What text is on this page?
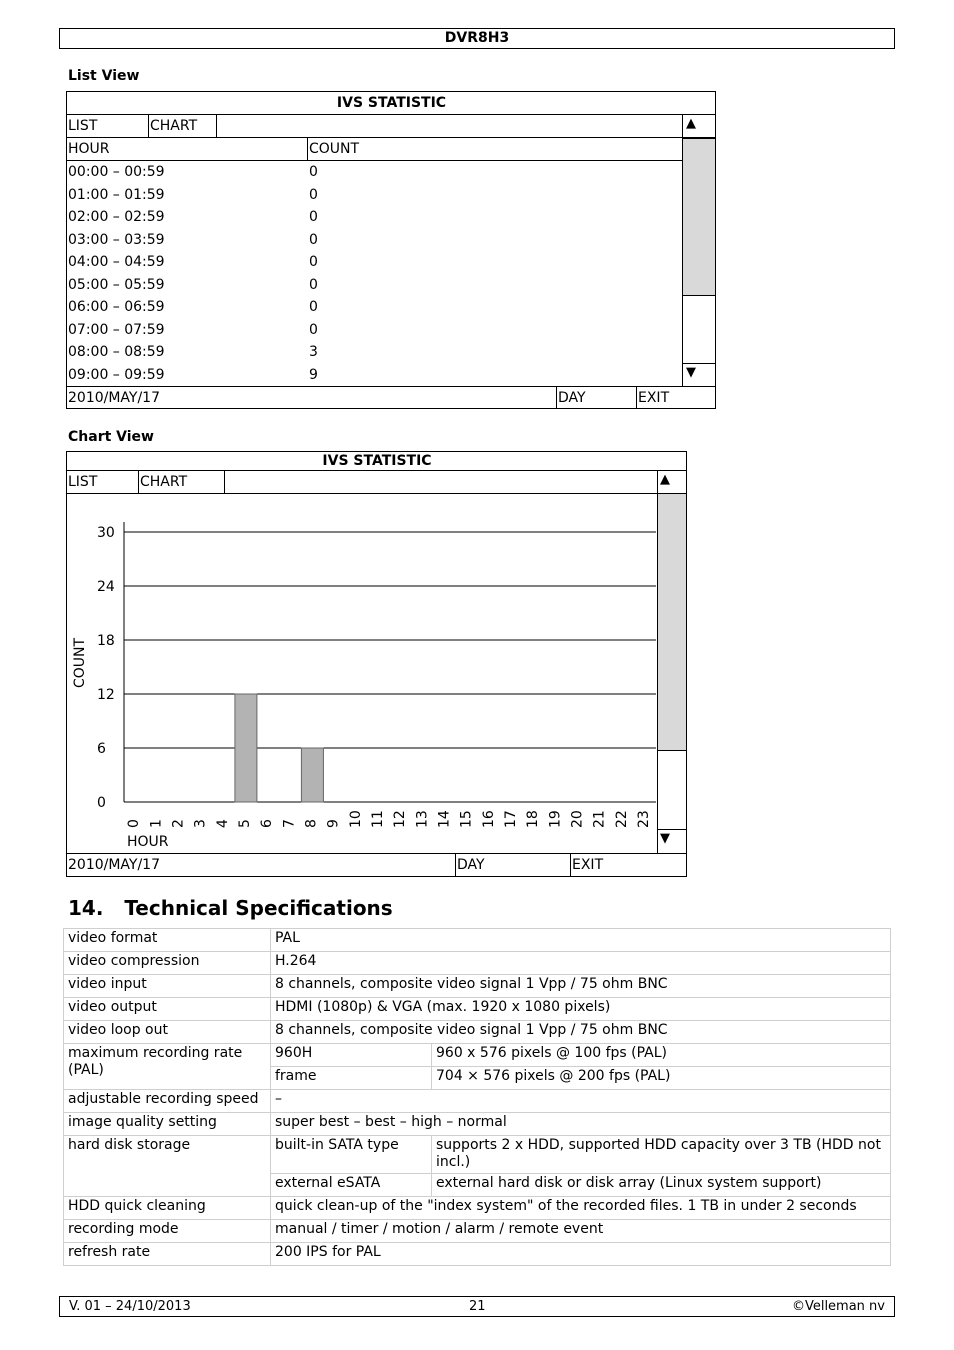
DVR8H3
List View
IVS STATISTIC
LIST	CHART
HOUR	COUNT
00:00 – 00:59	0
01:00 – 01:59	0
02:00 – 02:59	0
03:00 – 03:59	0
04:00 – 04:59	0
05:00 – 05:59	0
06:00 – 06:59	0
07:00 – 07:59	0
08:00 – 08:59	3
09:00 – 09:59	9
▲
▼
2010/MAY/17	DAY	EXIT
Chart View
IVS STATISTIC
LIST	CHART
30
24
18
12
6
0
0 1 2 3 4 5 6 7 8 9 10 11 12 13 14 15 16 17 18 19 20 21 22 23
HOUR
COUNT
▲
▼
2010/MAY/17	DAY	EXIT
14.   Technical Specifications
video format	PAL	
video compression	H.264	
video input	8 channels, composite video signal 1 Vpp / 75 ohm BNC	
video output	HDMI (1080p) & VGA (max. 1920 x 1080 pixels)	
video loop out	8 channels, composite video signal 1 Vpp / 75 ohm BNC	
maximum recording rate (PAL)	960H	960 x 576 pixels @ 100 fps (PAL)
	frame	704 × 576 pixels @ 200 fps (PAL)
adjustable recording speed	–	
image quality setting	super best – best – high – normal	
hard disk storage	built-in SATA type	supports 2 x HDD, supported HDD capacity over 3 TB (HDD not incl.)
	external eSATA	external hard disk or disk array (Linux system support)
HDD quick cleaning	quick clean-up of the "index system" of the recorded files. 1 TB in under 2 seconds	
recording mode	manual / timer / motion / alarm / remote event	
refresh rate	200 IPS for PAL	
V. 01 – 24/10/2013	21	©Velleman nv
